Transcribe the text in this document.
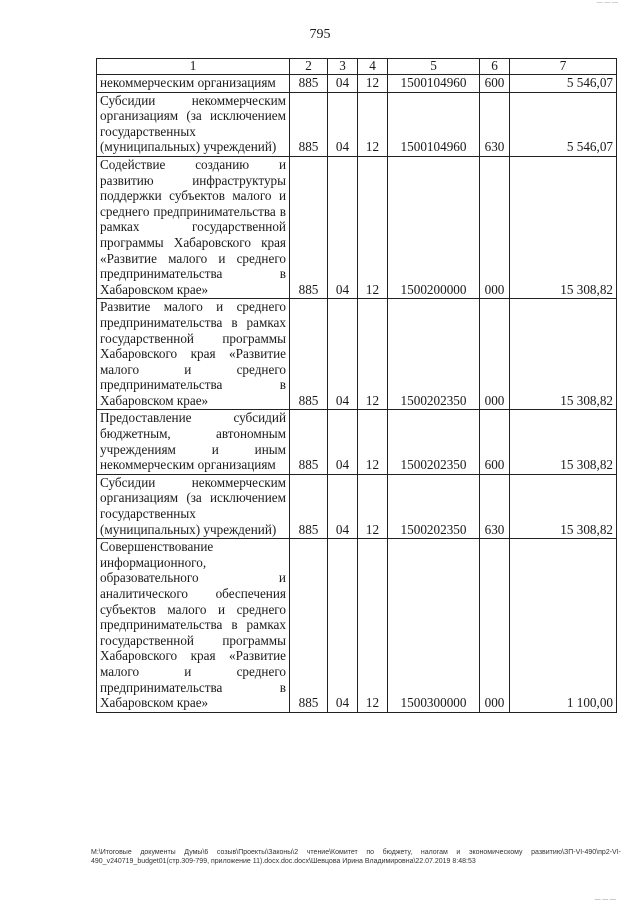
— — —
795
1	2	3	4	5	6	7
некоммерческим организациям	885	04	12	1500104960	600	5 546,07
Субсидии некоммерческим организациям (за исключением государственных (муниципальных) учреждений)	885	04	12	1500104960	630	5 546,07
Содействие созданию и развитию инфраструктуры поддержки субъектов малого и среднего предпринимательства в рамках государственной программы Хабаровского края «Развитие малого и среднего предпринимательства в Хабаровском крае»	885	04	12	1500200000	000	15 308,82
Развитие малого и среднего предпринимательства в рамках государственной программы Хабаровского края «Развитие малого и среднего предпринимательства в Хабаровском крае»	885	04	12	1500202350	000	15 308,82
Предоставление субсидий бюджетным, автономным учреждениям и иным некоммерческим организациям	885	04	12	1500202350	600	15 308,82
Субсидии некоммерческим организациям (за исключением государственных (муниципальных) учреждений)	885	04	12	1500202350	630	15 308,82
Совершенствование информационного, образовательного и аналитического обеспечения субъектов малого и среднего предпринимательства в рамках государственной программы Хабаровского края «Развитие малого и среднего предпринимательства в Хабаровском крае»	885	04	12	1500300000	000	1 100,00
M:\Итоговые документы Думы\6 созыв\Проекты\Законы\2 чтение\Комитет по бюджету, налогам и экономическому развитию\ЗП-VI-490\пр2-VI-490_v240719_budget01(стр.309-799, приложение 11).docx.doc.docx\Шевцова Ирина Владимировна\22.07.2019 8:48:53
— — —
